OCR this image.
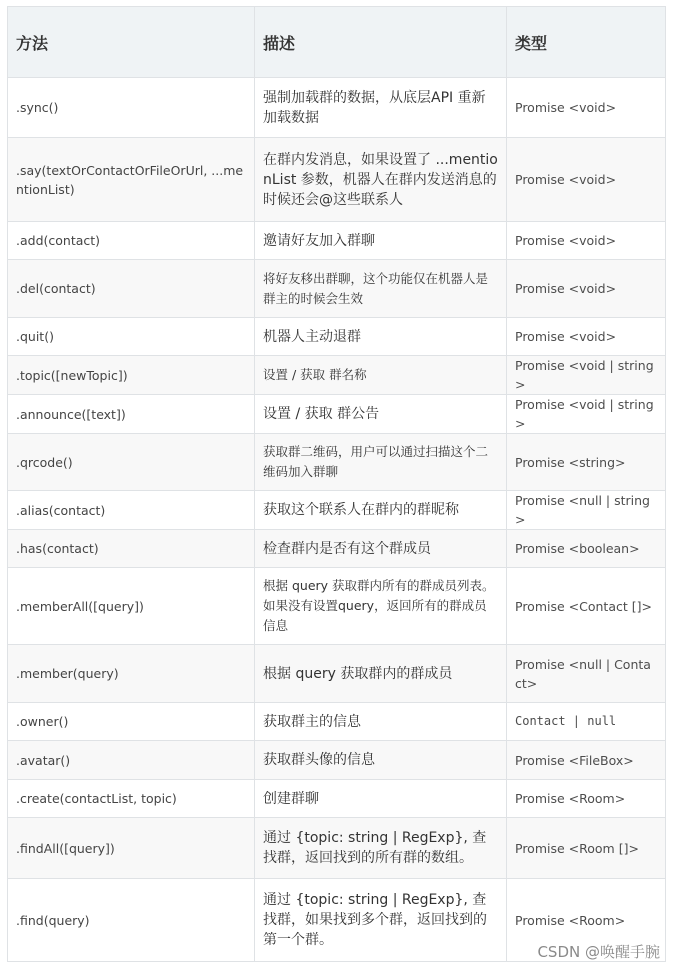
方法	描述	类型
.sync()	强制加载群的数据，从底层API 重新加载数据	Promise <void>
.say(textOrContactOrFileOrUrl, ...mentionList)	在群内发消息，如果设置了 ...mentionList 参数，机器人在群内发送消息的时候还会@这些联系人	Promise <void>
.add(contact)	邀请好友加入群聊	Promise <void>
.del(contact)	将好友移出群聊，这个功能仅在机器人是群主的时候会生效	Promise <void>
.quit()	机器人主动退群	Promise <void>
.topic([newTopic])	设置 / 获取 群名称	Promise <void | string>
.announce([text])	设置 / 获取 群公告	Promise <void | string>
.qrcode()	获取群二维码，用户可以通过扫描这个二维码加入群聊	Promise <string>
.alias(contact)	获取这个联系人在群内的群昵称	Promise <null | string>
.has(contact)	检查群内是否有这个群成员	Promise <boolean>
.memberAll([query])	根据 query 获取群内所有的群成员列表。如果没有设置query，返回所有的群成员信息	Promise <Contact []>
.member(query)	根据 query 获取群内的群成员	Promise <null | Contact>
.owner()	获取群主的信息	Contact | null
.avatar()	获取群头像的信息	Promise <FileBox>
.create(contactList, topic)	创建群聊	Promise <Room>
.findAll([query])	通过 {topic: string | RegExp}, 查找群，返回找到的所有群的数组。	Promise <Room []>
.find(query)	通过 {topic: string | RegExp}, 查找群，如果找到多个群，返回找到的第一个群。	Promise <Room>
CSDN @唤醒手腕
